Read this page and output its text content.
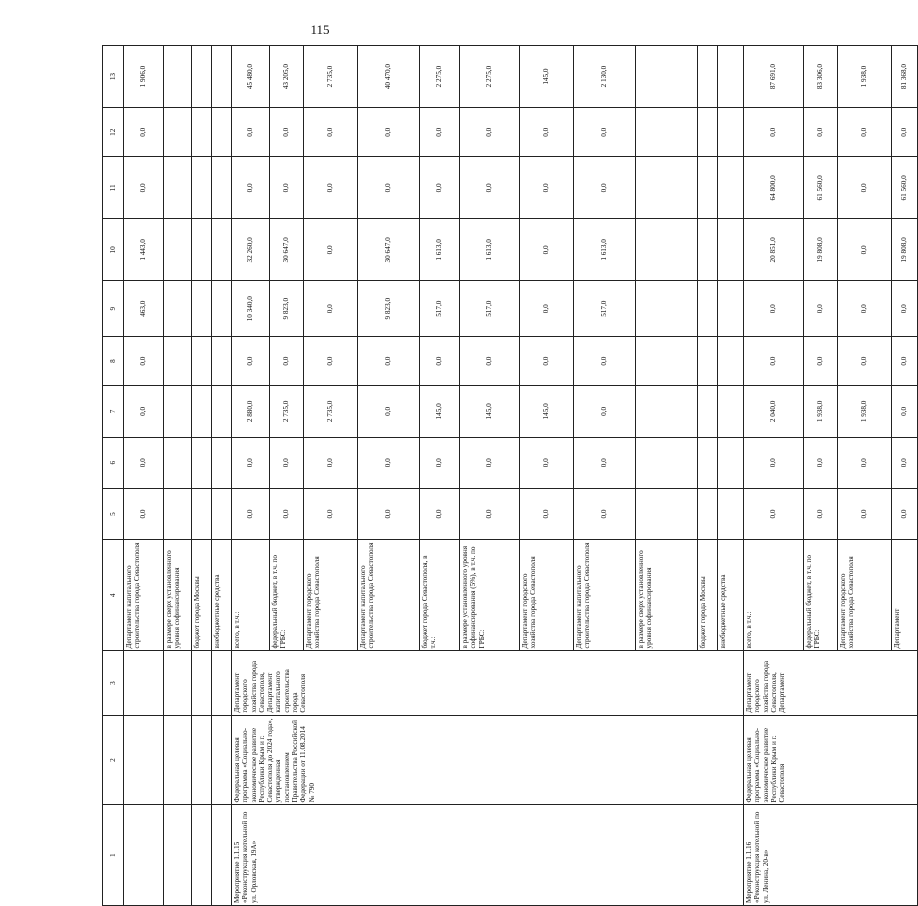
115
1	2	3	4	5	6	7	8	9	10	11	12	13
			Департамент капитального строительства города Севастополя	0,0	0,0	0,0	0,0	463,0	1 443,0	0,0	0,0	1 906,0
			в размере сверх установленного уровня софинансирования									
			бюджет города Москвы									
			внебюджетные средства									
Мероприятие 1.1.15 «Реконструкция котельной по ул. Орловская, 19А»	Федеральная целевая программа «Социально-экономическое развитие Республики Крым и г. Севастополя до 2024 года», утвержденная постановлением Правительства Российской Федерации от 11.08.2014 № 790	Департамент городского хозяйства города Севастополя, Департамент капитального строительства города Севастополя	всего, в т.ч.:	0,0	0,0	2 880,0	0,0	10 340,0	32 260,0	0,0	0,0	45 480,0
			федеральный бюджет, в т.ч. по ГРБС:	0,0	0,0	2 735,0	0,0	9 823,0	30 647,0	0,0	0,0	43 205,0
			Департамент городского хозяйства города Севастополя	0,0	0,0	2 735,0	0,0	0,0	0,0	0,0	0,0	2 735,0
			Департамент капитального строительства города Севастополя	0,0	0,0	0,0	0,0	9 823,0	30 647,0	0,0	0,0	40 470,0
			бюджет города Севастополя, в т.ч.:	0,0	0,0	145,0	0,0	517,0	1 613,0	0,0	0,0	2 275,0
			в размере установленного уровня софинансирования (5%), в т.ч. по ГРБС:	0,0	0,0	145,0	0,0	517,0	1 613,0	0,0	0,0	2 275,0
			Департамент городского хозяйства города Севастополя	0,0	0,0	145,0	0,0	0,0	0,0	0,0	0,0	145,0
			Департамент капитального строительства города Севастополя	0,0	0,0	0,0	0,0	517,0	1 613,0	0,0	0,0	2 130,0
			в размере сверх установленного уровня софинансирования									
			бюджет города Москвы									
			внебюджетные средства									
Мероприятие 1.1.16 «Реконструкция котельной по ул. Ленина, 20-в»	Федеральная целевая программа «Социально-экономическое развитие Республики Крым и г. Севастополя	Департамент городского хозяйства города Севастополя, Департамент	всего, в т.ч.:	0,0	0,0	2 040,0	0,0	0,0	20 851,0	64 800,0	0,0	87 691,0
			федеральный бюджет, в т.ч. по ГРБС:	0,0	0,0	1 938,0	0,0	0,0	19 808,0	61 560,0	0,0	83 306,0
			Департамент городского хозяйства города Севастополя	0,0	0,0	1 938,0	0,0	0,0	0,0	0,0	0,0	1 938,0
			Департамент	0,0	0,0	0,0	0,0	0,0	19 808,0	61 560,0	0,0	81 368,0
